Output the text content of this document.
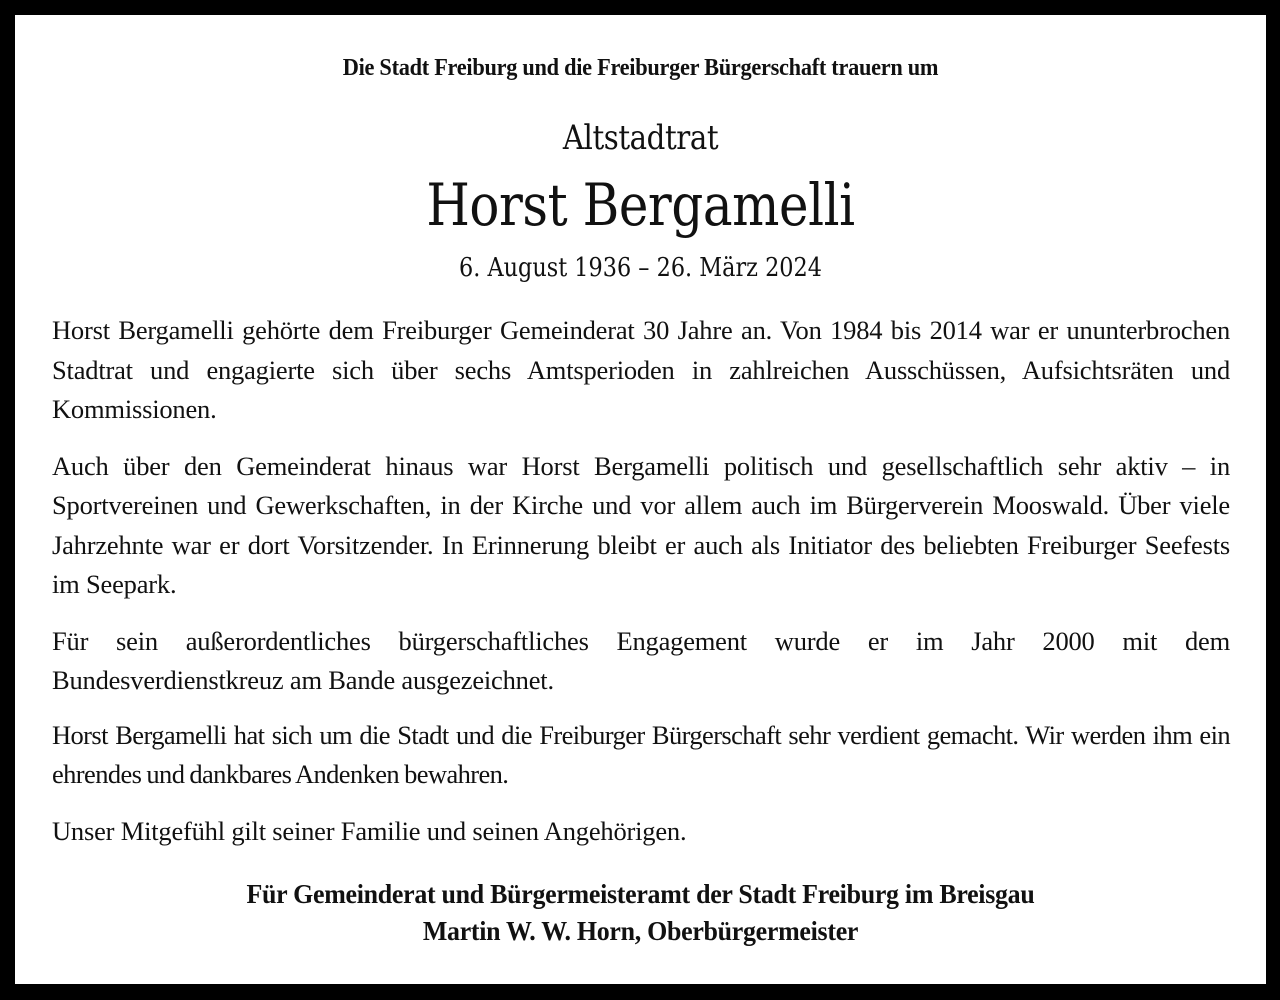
Die Stadt Freiburg und die Freiburger Bürgerschaft trauern um
Altstadtrat
Horst Bergamelli
6. August 1936 – 26. März 2024

Horst Bergamelli gehörte dem Freiburger Gemeinderat 30 Jahre an. Von 1984 bis 2014 war er ununterbrochen Stadtrat und engagierte sich über sechs Amtsperioden in zahlreichen Ausschüssen, Aufsichtsräten und Kommissionen.

Auch über den Gemeinderat hinaus war Horst Bergamelli politisch und gesellschaftlich sehr aktiv – in Sportvereinen und Gewerkschaften, in der Kirche und vor allem auch im Bürgerverein Mooswald. Über viele Jahrzehnte war er dort Vorsitzender. In Erinnerung bleibt er auch als Initiator des beliebten Freiburger Seefests im Seepark.

Für sein außerordentliches bürgerschaftliches Engagement wurde er im Jahr 2000 mit dem Bundesverdienstkreuz am Bande ausgezeichnet.

Horst Bergamelli hat sich um die Stadt und die Freiburger Bürgerschaft sehr verdient gemacht. Wir werden ihm ein ehrendes und dankbares Andenken bewahren.

Unser Mitgefühl gilt seiner Familie und seinen Angehörigen.

Für Gemeinderat und Bürgermeisteramt der Stadt Freiburg im Breisgau
Martin W. W. Horn, Oberbürgermeister
